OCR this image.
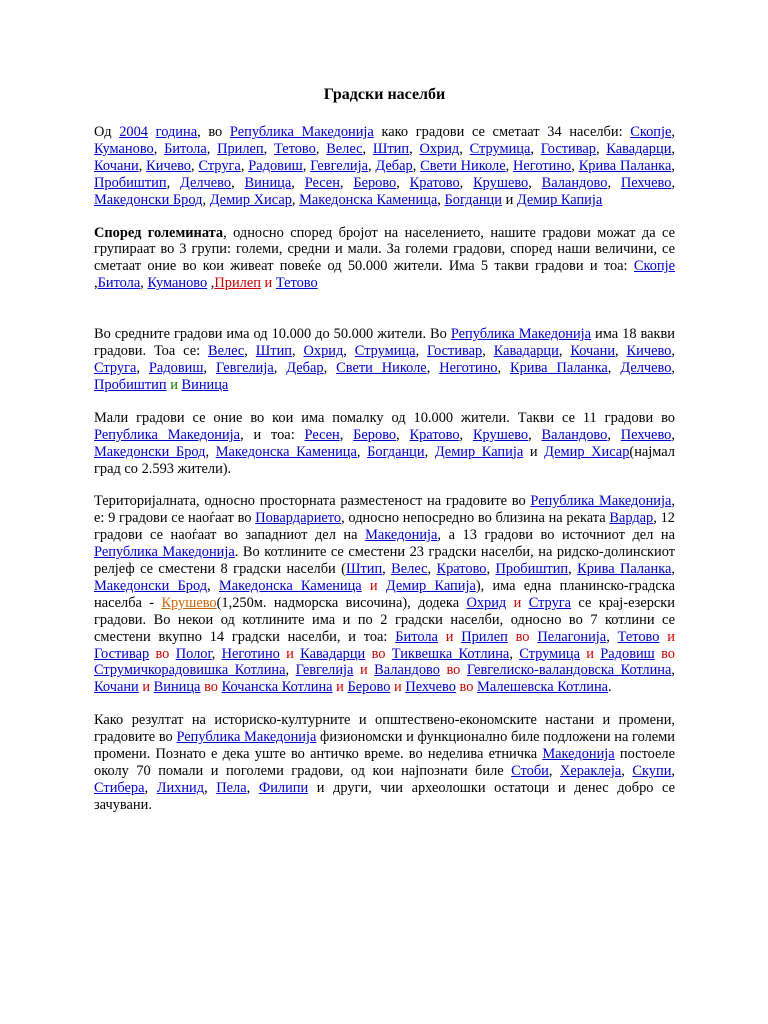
Градски населби

Од 2004 година, во Република Македонија како градови се сметаат 34 населби: Скопје, Куманово, Битола, Прилеп, Тетово, Велес, Штип, Охрид, Струмица, Гостивар, Кавадарци, Кочани, Кичево, Струга, Радовиш, Гевгелија, Дебар, Свети Николе, Неготино, Крива Паланка, Пробиштип, Делчево, Виница, Ресен, Берово, Кратово, Крушево, Валандово, Пехчево, Македонски Брод, Демир Хисар, Македонска Каменица, Богданци и Демир Капија

Според големината, односно според бројот на населението, нашите градови можат да се групираат во 3 групи: големи, средни и мали. За големи градови, според наши величини, се сметаат оние во кои живеат повеќе од 50.000 жители. Има 5 такви градови и тоа: Скопје ,Битола, Куманово ,Прилеп и Тетово

Во средните градови има од 10.000 до 50.000 жители. Во Република Македонија има 18 вакви градови. Тоа се: Велес, Штип, Охрид, Струмица, Гостивар, Кавадарци, Кочани, Кичево, Струга, Радовиш, Гевгелија, Дебар, Свети Николе, Неготино, Крива Паланка, Делчево, Пробиштип и Виница

Мали градови се оние во кои има помалку од 10.000 жители. Такви се 11 градови во Република Македонија, и тоа: Ресен, Берово, Кратово, Крушево, Валандово, Пехчево, Македонски Брод, Македонска Каменица, Богданци, Демир Капија и Демир Хисар(најмал град со 2.593 жители).

Територијалната, односно просторната разместеност на градовите во Република Македонија, е: 9 градови се наоѓаат во Повардариeто, односно непосредно во близина на реката Вардар, 12 градови се наоѓаат во западниот дел на Македонија, а 13 градови во источниот дел на Република Македонија. Во котлините се сместени 23 градски населби, на ридско-долинскиот релјеф се сместени 8 градски населби (Штип, Велес, Кратово, Пробиштип, Крива Паланка, Македонски Брод, Македонска Каменица и Демир Капија), има една планинско-градска населба - Крушево(1,250м. надморска височина), додека Охрид и Струга се крај-езерски градови. Во некои од котлините има и по 2 градски населби, односно во 7 котлини се сместени вкупно 14 градски населби, и тоа: Битола и Прилеп во Пелагонија, Тетово и Гостивар во Полог, Неготино и Кавадарци во Тиквешка Котлина, Струмица и Радовиш во Струмичкорадовишка Котлина, Гевгелија и Валандово во Гевгелиско-валандовска Котлина, Кочани и Виница во Кочанска Котлина и Берово и Пехчево во Малешевска Котлина.

Како резултат на историско-културните и општествено-економските настани и промени, градовите во Република Македонија физиономски и функционално биле подложени на големи промени. Познато е дека уште во античко време. во неделива етничка Македонија постоеле околу 70 помали и поголеми градови, од кои најпознати биле Стоби, Хераклеја, Скупи, Стибера, Лихнид, Пела, Филипи и други, чии археолошки остатоци и денес добро се зачувани.
